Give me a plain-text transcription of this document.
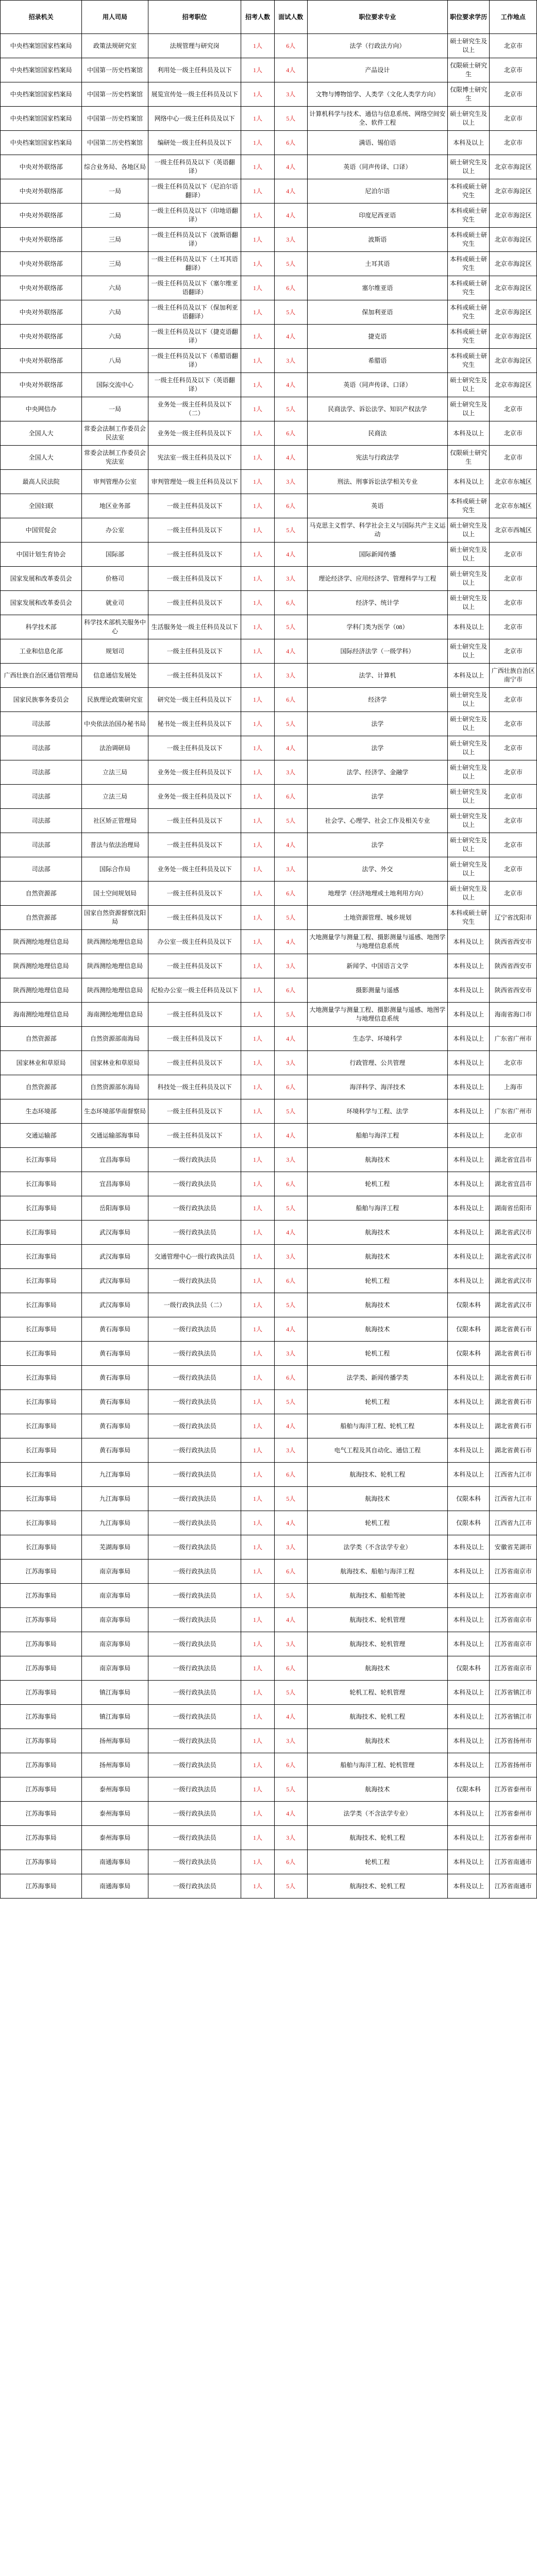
招录机关	用人司局	招考职位	招考人数	面试人数	职位要求专业	职位要求学历	工作地点
中央档案馆国家档案局	政策法规研究室	法规管理与研究岗	1人	6人	法学（行政法方向）	硕士研究生及以上	北京市
中央档案馆国家档案局	中国第一历史档案馆	利用处一级主任科员及以下	1人	4人	产品设计	仅限硕士研究生	北京市
中央档案馆国家档案局	中国第一历史档案馆	展览宣传处一级主任科员及以下	1人	3人	文物与博物馆学、人类学（文化人类学方向）	仅限博士研究生	北京市
中央档案馆国家档案局	中国第一历史档案馆	网络中心一级主任科员及以下	1人	5人	计算机科学与技术、通信与信息系统、网络空间安全、软件工程	硕士研究生及以上	北京市
中央档案馆国家档案局	中国第二历史档案馆	编研处一级主任科员及以下	1人	6人	满语、锡伯语	本科及以上	北京市
中央对外联络部	综合业务局、各地区局	一级主任科员及以下（英语翻译）	1人	4人	英语（同声传译、口译）	硕士研究生及以上	北京市海淀区
中央对外联络部	一局	一级主任科员及以下（尼泊尔语翻译）	1人	4人	尼泊尔语	本科或硕士研究生	北京市海淀区
中央对外联络部	二局	一级主任科员及以下（印地语翻译）	1人	4人	印度尼西亚语	本科或硕士研究生	北京市海淀区
中央对外联络部	三局	一级主任科员及以下（波斯语翻译）	1人	3人	波斯语	本科或硕士研究生	北京市海淀区
中央对外联络部	三局	一级主任科员及以下（土耳其语翻译）	1人	5人	土耳其语	本科或硕士研究生	北京市海淀区
中央对外联络部	六局	一级主任科员及以下（塞尔维亚语翻译）	1人	6人	塞尔维亚语	本科或硕士研究生	北京市海淀区
中央对外联络部	六局	一级主任科员及以下（保加利亚语翻译）	1人	5人	保加利亚语	本科或硕士研究生	北京市海淀区
中央对外联络部	六局	一级主任科员及以下（捷克语翻译）	1人	4人	捷克语	本科或硕士研究生	北京市海淀区
中央对外联络部	八局	一级主任科员及以下（希腊语翻译）	1人	3人	希腊语	本科或硕士研究生	北京市海淀区
中央对外联络部	国际交流中心	一级主任科员及以下（英语翻译）	1人	4人	英语（同声传译、口译）	硕士研究生及以上	北京市海淀区
中央网信办	一局	业务处一级主任科员及以下（二）	1人	5人	民商法学、诉讼法学、知识产权法学	硕士研究生及以上	北京市
全国人大	常委会法制工作委员会民法室	业务处一级主任科员及以下	1人	6人	民商法	本科及以上	北京市
全国人大	常委会法制工作委员会宪法室	宪法室一级主任科员及以下	1人	4人	宪法与行政法学	仅限硕士研究生	北京市
最高人民法院	审判管理办公室	审判管理处一级主任科员及以下	1人	3人	刑法、刑事诉讼法学相关专业	本科及以上	北京市东城区
全国妇联	地区业务部	一级主任科员及以下	1人	6人	英语	本科或硕士研究生	北京市东城区
中国贸促会	办公室	一级主任科员及以下	1人	5人	马克思主义哲学、科学社会主义与国际共产主义运动	硕士研究生及以上	北京市西城区
中国计划生育协会	国际部	一级主任科员及以下	1人	4人	国际新闻传播	硕士研究生及以上	北京市
国家发展和改革委员会	价格司	一级主任科员及以下	1人	3人	理论经济学、应用经济学、管理科学与工程	硕士研究生及以上	北京市
国家发展和改革委员会	就业司	一级主任科员及以下	1人	6人	经济学、统计学	硕士研究生及以上	北京市
科学技术部	科学技术部机关服务中心	生活服务处一级主任科员及以下	1人	5人	学科门类为医学（08）	本科及以上	北京市
工业和信息化部	规划司	一级主任科员及以下	1人	4人	国际经济法学（一级学科）	硕士研究生及以上	北京市
广西壮族自治区通信管理局	信息通信发展处	一级主任科员及以下	1人	3人	法学、计算机	本科及以上	广西壮族自治区南宁市
国家民族事务委员会	民族理论政策研究室	研究处一级主任科员及以下	1人	6人	经济学	硕士研究生及以上	北京市
司法部	中央依法治国办秘书局	秘书处一级主任科员及以下	1人	5人	法学	硕士研究生及以上	北京市
司法部	法治调研局	一级主任科员及以下	1人	4人	法学	硕士研究生及以上	北京市
司法部	立法三局	业务处一级主任科员及以下	1人	3人	法学、经济学、金融学	硕士研究生及以上	北京市
司法部	立法三局	业务处一级主任科员及以下	1人	6人	法学	硕士研究生及以上	北京市
司法部	社区矫正管理局	一级主任科员及以下	1人	5人	社会学、心理学、社会工作及相关专业	硕士研究生及以上	北京市
司法部	普法与依法治理局	一级主任科员及以下	1人	4人	法学	硕士研究生及以上	北京市
司法部	国际合作局	业务处一级主任科员及以下	1人	3人	法学、外交	硕士研究生及以上	北京市
自然资源部	国土空间规划局	一级主任科员及以下	1人	6人	地理学（经济地理或土地利用方向）	硕士研究生及以上	北京市
自然资源部	国家自然资源督察沈阳局	一级主任科员及以下	1人	5人	土地资源管理、城乡规划	本科或硕士研究生	辽宁省沈阳市
陕西测绘地理信息局	陕西测绘地理信息局	办公室一级主任科员及以下	1人	4人	大地测量学与测量工程、摄影测量与遥感、地图学与地理信息系统	本科及以上	陕西省西安市
陕西测绘地理信息局	陕西测绘地理信息局	一级主任科员及以下	1人	3人	新闻学、中国语言文学	本科及以上	陕西省西安市
陕西测绘地理信息局	陕西测绘地理信息局	纪检办公室一级主任科员及以下	1人	6人	摄影测量与遥感	本科及以上	陕西省西安市
海南测绘地理信息局	海南测绘地理信息局	一级主任科员及以下	1人	5人	大地测量学与测量工程、摄影测量与遥感、地图学与地理信息系统	本科及以上	海南省海口市
自然资源部	自然资源部南海局	一级主任科员及以下	1人	4人	生态学、环境科学	本科及以上	广东省广州市
国家林业和草原局	国家林业和草原局	一级主任科员及以下	1人	3人	行政管理、公共管理	本科及以上	北京市
自然资源部	自然资源部东海局	科技处一级主任科员及以下	1人	6人	海洋科学、海洋技术	本科及以上	上海市
生态环境部	生态环境部华南督察局	一级主任科员及以下	1人	5人	环境科学与工程、法学	本科及以上	广东省广州市
交通运输部	交通运输部海事局	一级主任科员及以下	1人	4人	船舶与海洋工程	本科及以上	北京市
长江海事局	宜昌海事局	一级行政执法员	1人	3人	航海技术	本科及以上	湖北省宜昌市
长江海事局	宜昌海事局	一级行政执法员	1人	6人	轮机工程	本科及以上	湖北省宜昌市
长江海事局	岳阳海事局	一级行政执法员	1人	5人	船舶与海洋工程	本科及以上	湖南省岳阳市
长江海事局	武汉海事局	一级行政执法员	1人	4人	航海技术	本科及以上	湖北省武汉市
长江海事局	武汉海事局	交通管理中心一级行政执法员	1人	3人	航海技术	本科及以上	湖北省武汉市
长江海事局	武汉海事局	一级行政执法员	1人	6人	轮机工程	本科及以上	湖北省武汉市
长江海事局	武汉海事局	一级行政执法员（二）	1人	5人	航海技术	仅限本科	湖北省武汉市
长江海事局	黄石海事局	一级行政执法员	1人	4人	航海技术	仅限本科	湖北省黄石市
长江海事局	黄石海事局	一级行政执法员	1人	3人	轮机工程	仅限本科	湖北省黄石市
长江海事局	黄石海事局	一级行政执法员	1人	6人	法学类、新闻传播学类	本科及以上	湖北省黄石市
长江海事局	黄石海事局	一级行政执法员	1人	5人	轮机工程	本科及以上	湖北省黄石市
长江海事局	黄石海事局	一级行政执法员	1人	4人	船舶与海洋工程、轮机工程	本科及以上	湖北省黄石市
长江海事局	黄石海事局	一级行政执法员	1人	3人	电气工程及其自动化、通信工程	本科及以上	湖北省黄石市
长江海事局	九江海事局	一级行政执法员	1人	6人	航海技术、轮机工程	本科及以上	江西省九江市
长江海事局	九江海事局	一级行政执法员	1人	5人	航海技术	仅限本科	江西省九江市
长江海事局	九江海事局	一级行政执法员	1人	4人	轮机工程	仅限本科	江西省九江市
长江海事局	芜湖海事局	一级行政执法员	1人	3人	法学类（不含法学专业）	本科及以上	安徽省芜湖市
江苏海事局	南京海事局	一级行政执法员	1人	6人	航海技术、船舶与海洋工程	本科及以上	江苏省南京市
江苏海事局	南京海事局	一级行政执法员	1人	5人	航海技术、船舶驾驶	本科及以上	江苏省南京市
江苏海事局	南京海事局	一级行政执法员	1人	4人	航海技术、轮机管理	本科及以上	江苏省南京市
江苏海事局	南京海事局	一级行政执法员	1人	3人	航海技术、轮机管理	本科及以上	江苏省南京市
江苏海事局	南京海事局	一级行政执法员	1人	6人	航海技术	仅限本科	江苏省南京市
江苏海事局	镇江海事局	一级行政执法员	1人	5人	轮机工程、轮机管理	本科及以上	江苏省镇江市
江苏海事局	镇江海事局	一级行政执法员	1人	4人	航海技术、轮机工程	本科及以上	江苏省镇江市
江苏海事局	扬州海事局	一级行政执法员	1人	3人	航海技术	本科及以上	江苏省扬州市
江苏海事局	扬州海事局	一级行政执法员	1人	6人	船舶与海洋工程、轮机管理	本科及以上	江苏省扬州市
江苏海事局	泰州海事局	一级行政执法员	1人	5人	航海技术	仅限本科	江苏省泰州市
江苏海事局	泰州海事局	一级行政执法员	1人	4人	法学类（不含法学专业）	本科及以上	江苏省泰州市
江苏海事局	泰州海事局	一级行政执法员	1人	3人	航海技术、轮机工程	本科及以上	江苏省泰州市
江苏海事局	南通海事局	一级行政执法员	1人	6人	轮机工程	本科及以上	江苏省南通市
江苏海事局	南通海事局	一级行政执法员	1人	5人	航海技术、轮机工程	本科及以上	江苏省南通市
